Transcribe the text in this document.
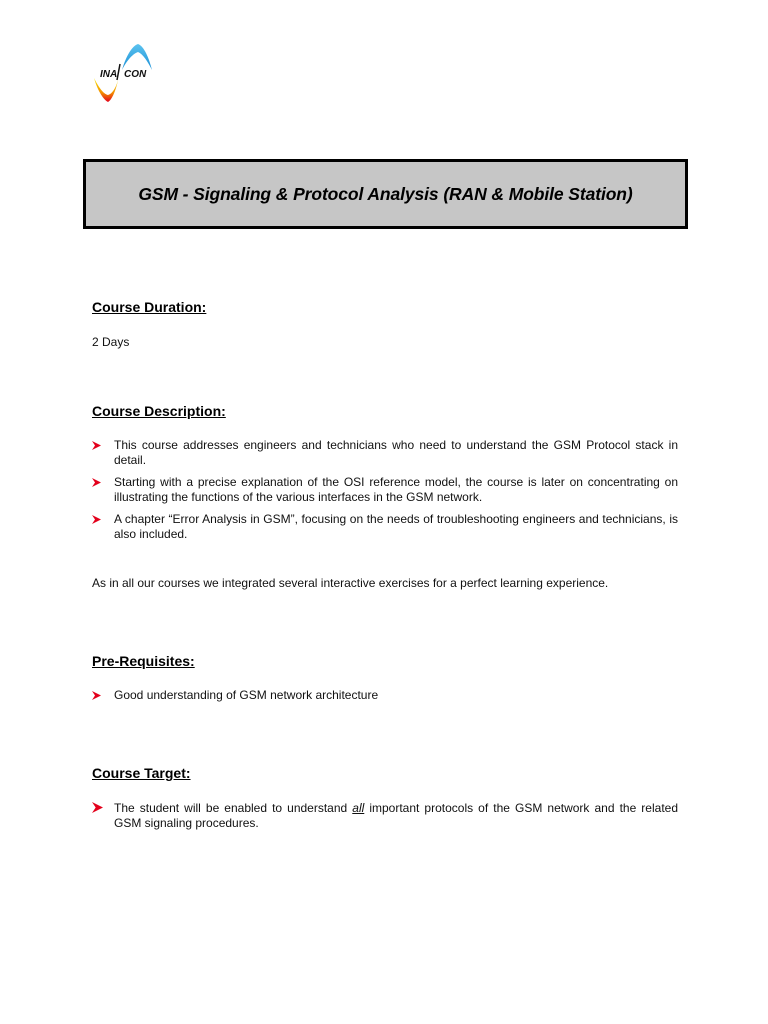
INA CON
GSM - Signaling & Protocol Analysis (RAN & Mobile Station)
Course Duration:
2 Days
Course Description:
This course addresses engineers and technicians who need to understand the GSM Protocol stack in detail.
Starting with a precise explanation of the OSI reference model, the course is later on concentrating on illustrating the functions of the various interfaces in the GSM network.
A chapter “Error Analysis in GSM”, focusing on the needs of troubleshooting engineers and technicians, is also included.
As in all our courses we integrated several interactive exercises for a perfect learning experience.
Pre-Requisites:
Good understanding of GSM network architecture
Course Target:
The student will be enabled to understand all important protocols of the GSM network and the related GSM signaling procedures.
